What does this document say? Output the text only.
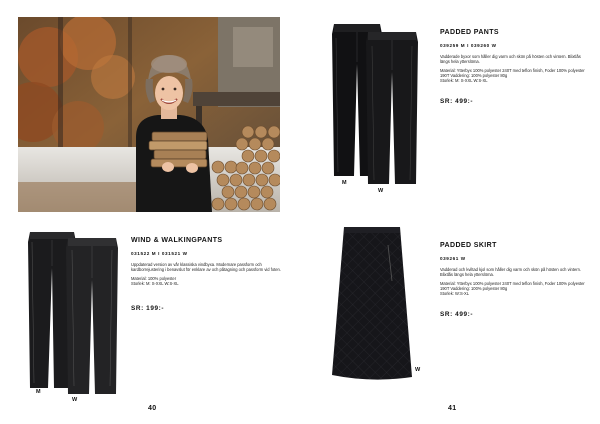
M
W
WIND & WALKINGPANTS
031522 M I 031521 W

Uppdaterad version av vår klassiska vindbyxa. Modernare passform och kardborrejustering i benavslut för enklare av och påtagning och passform vid foten.

Material: 100% polyester

Storlek: M: S-XXL W:S-XL

SR: 199:-
40
M
W
PADDED PANTS
039259 M I 039260 W

Vadderade byxor som håller dig varm och skön på hösten och vintern. Blixtlås längs hela ytterslöma.

Material: Ytterbyx 100% polyester 240T med teflon finish, Foder 100% polyester 190T Vaddering: 100% polyester 80g

Storlek: M: S-XXL W:S-XL

SR: 499:-
W
PADDED SKIRT
039261 W

Vadderad och kviltad kjol som håller dig varm och skön på hösten och vintern. Blixtlås längs hela ytterslöma.

Material: Ytterbyx 100% polyester 240T med teflon finish, Foder 100% polyester 190T Vaddering: 100% polyester 80g

Storlek: W:S-XL

SR: 499:-
41
